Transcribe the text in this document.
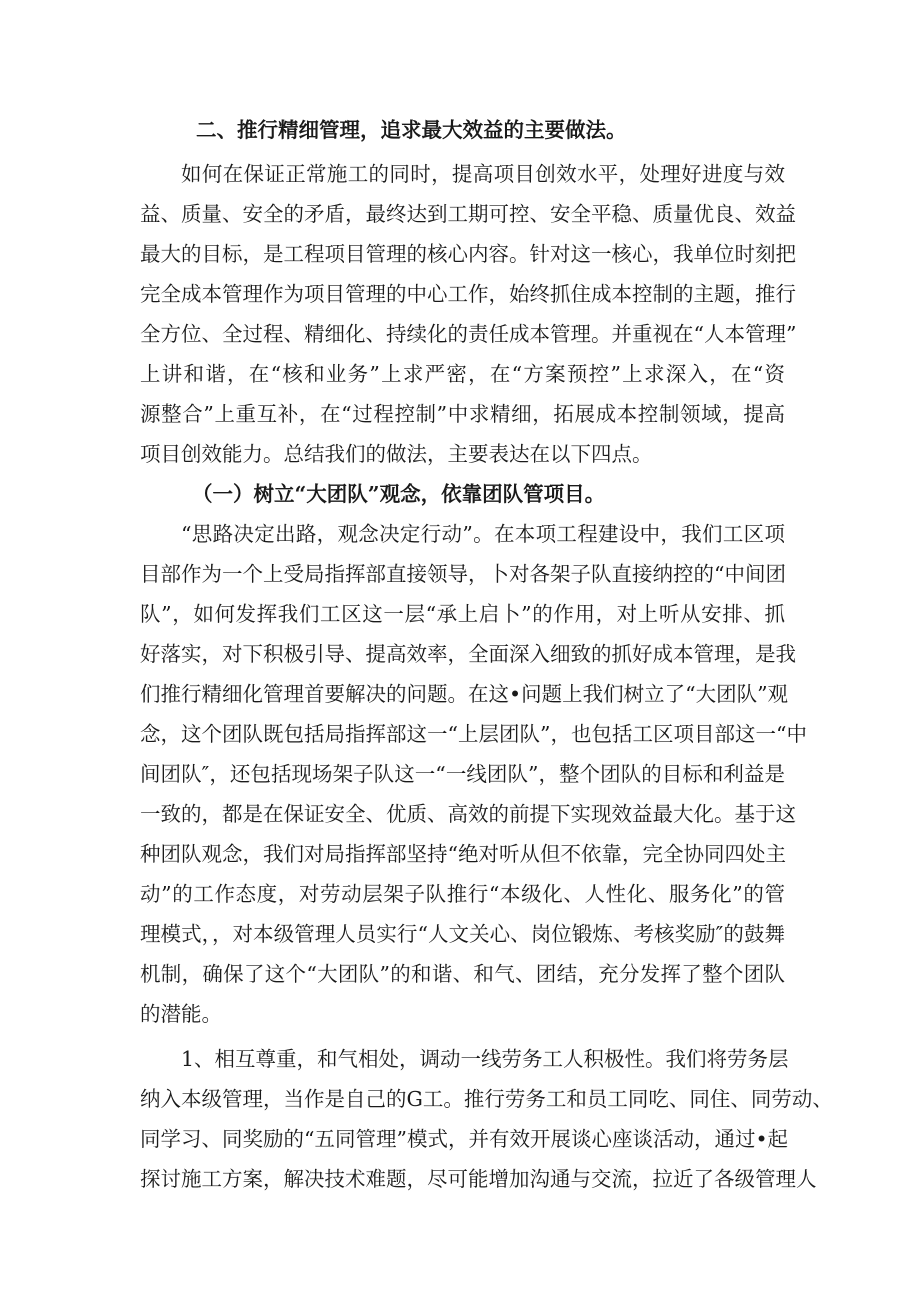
二、推行精细管理，追求最大效益的主要做法。
如何在保证正常施工的同时，提高项目创效水平，处理好进度与效
益、质量、安全的矛盾，最终达到工期可控、安全平稳、质量优良、效益
最大的目标，是工程项目管理的核心内容。针对这一核心，我单位时刻把
完全成本管理作为项目管理的中心工作，始终抓住成本控制的主题，推行
全方位、全过程、精细化、持续化的责任成本管理。并重视在“人本管理”
上讲和谐，在“核和业务”上求严密，在“方案预控”上求深入，在“资
源整合”上重互补，在“过程控制”中求精细，拓展成本控制领域，提高
项目创效能力。总结我们的做法，主要表达在以下四点。
（一）树立“大团队”观念，依靠团队管项目。
“思路决定出路，观念决定行动”。在本项工程建设中，我们工区项
目部作为一个上受局指挥部直接领导，卜对各架子队直接纳控的“中间团
队”，如何发挥我们工区这一层“承上启卜”的作用，对上听从安排、抓
好落实，对下积极引导、提高效率，全面深入细致的抓好成本管理，是我
们推行精细化管理首要解决的问题。在这•问题上我们树立了“大团队”观
念，这个团队既包括局指挥部这一“上层团队”，也包括工区项目部这一“中
间团队″，还包括现场架子队这一“一线团队”，整个团队的目标和利益是
一致的，都是在保证安全、优质、高效的前提下实现效益最大化。基于这
种团队观念，我们对局指挥部坚持“绝对听从但不依靠，完全协同四处主
动”的工作态度，对劳动层架子队推行“本级化、人性化、服务化”的管
理模式，，对本级管理人员实行“人文关心、岗位锻炼、考核奖励″的鼓舞
机制，确保了这个“大团队”的和谐、和气、团结，充分发挥了整个团队
的潜能。
1、相互尊重，和气相处，调动一线劳务工人积极性。我们将劳务层
纳入本级管理，当作是自己的G工。推行劳务工和员工同吃、同住、同劳动、
同学习、同奖励的“五同管理”模式，并有效开展谈心座谈活动，通过•起
探讨施工方案，解决技术难题，尽可能增加沟通与交流，拉近了各级管理人
